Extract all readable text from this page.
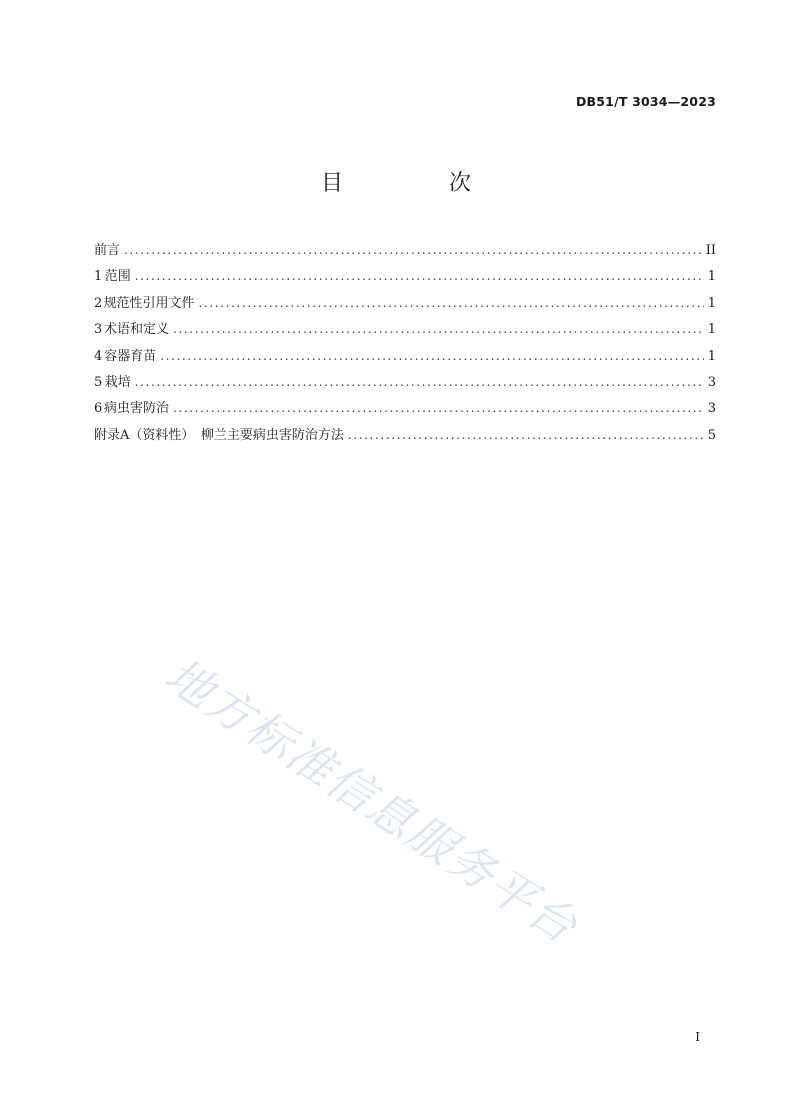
DB51/T 3034—2023
目　次
前言 .....	II
1 范围 .....	1
2 规范性引用文件 .....	1
3 术语和定义 .....	1
4 容器育苗 .....	1
5 栽培 .....	3
6 病虫害防治 .....	3
附录A（资料性）　柳兰主要病虫害防治方法 .....	5
地方标准信息服务平台
I
